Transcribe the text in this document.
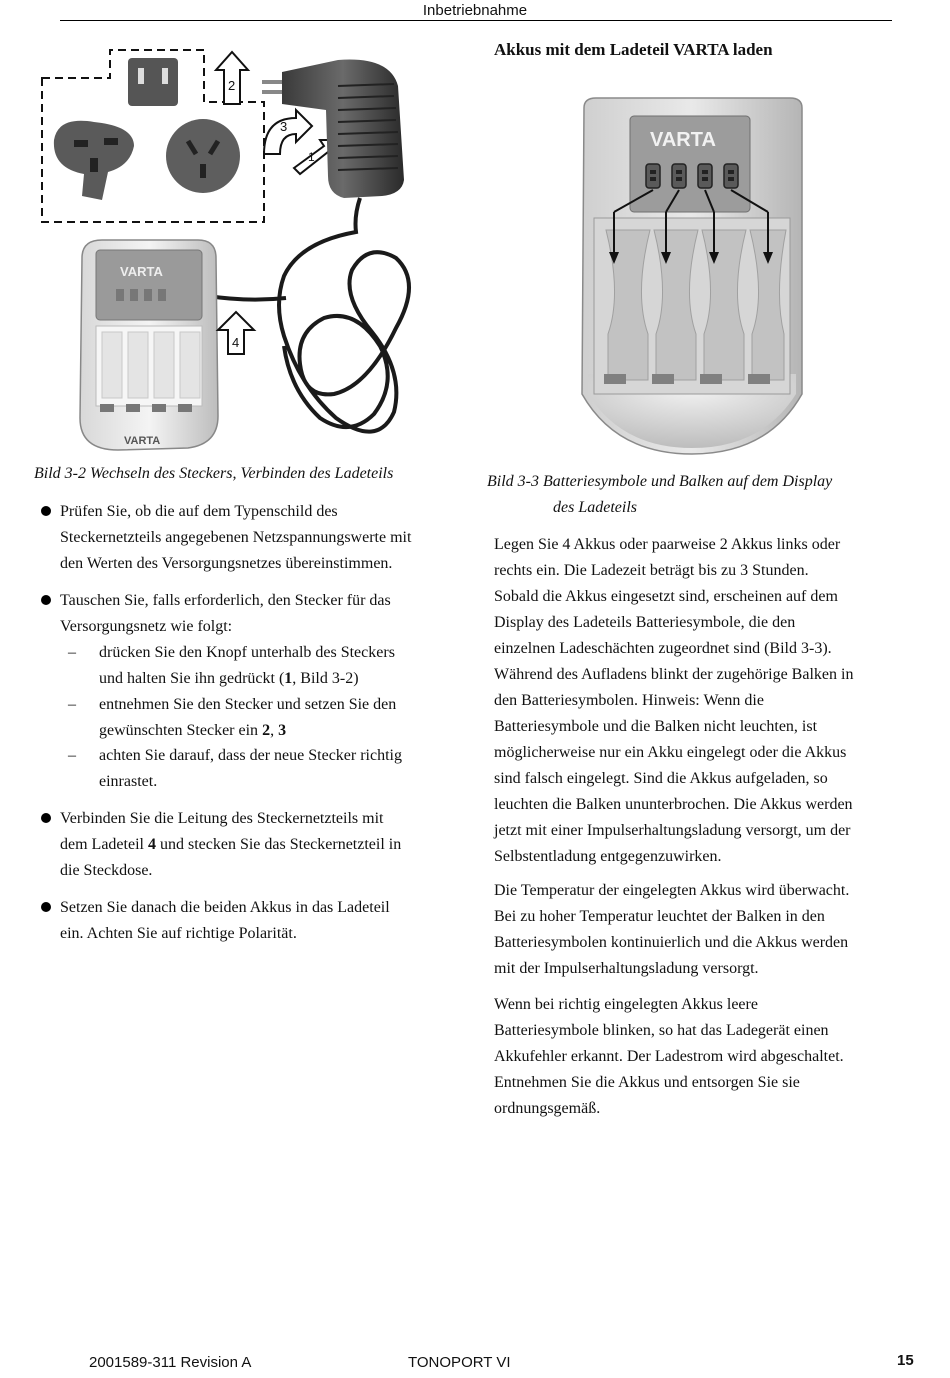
Inbetriebnahme
2
3
1
VARTA
VARTA
4
Akkus mit dem Ladeteil VARTA laden
VARTA
Bild 3-2 Wechseln des Steckers, Verbinden des Ladeteils
Prüfen Sie, ob die auf dem Typenschild des
Steckernetzteils angegebenen Netzspannungswerte mit
den Werten des Versorgungsnetzes übereinstimmen.
Tauschen Sie, falls erforderlich, den Stecker für das
Versorgungsnetz wie folgt:
– drücken Sie den Knopf unterhalb des Steckers
und halten Sie ihn gedrückt (1, Bild 3-2)
– entnehmen Sie den Stecker und setzen Sie den
gewünschten Stecker ein 2, 3
– achten Sie darauf, dass der neue Stecker richtig
einrastet.
Verbinden Sie die Leitung des Steckernetzteils mit
dem Ladeteil 4 und stecken Sie das Steckernetzteil in
die Steckdose.
Setzen Sie danach die beiden Akkus in das Ladeteil
ein. Achten Sie auf richtige Polarität.
Bild 3-3 Batteriesymbole und Balken auf dem Display
des Ladeteils
Legen Sie 4 Akkus oder paarweise 2 Akkus links oder
rechts ein. Die Ladezeit beträgt bis zu 3 Stunden.
Sobald die Akkus eingesetzt sind, erscheinen auf dem
Display des Ladeteils Batteriesymbole, die den
einzelnen Ladeschächten zugeordnet sind (Bild 3-3).
Während des Aufladens blinkt der zugehörige Balken in
den Batteriesymbolen. Hinweis: Wenn die
Batteriesymbole und die Balken nicht leuchten, ist
möglicherweise nur ein Akku eingelegt oder die Akkus
sind falsch eingelegt. Sind die Akkus aufgeladen, so
leuchten die Balken ununterbrochen. Die Akkus werden
jetzt mit einer Impulserhaltungsladung versorgt, um der
Selbstentladung entgegenzuwirken.
Die Temperatur der eingelegten Akkus wird überwacht.
Bei zu hoher Temperatur leuchtet der Balken in den
Batteriesymbolen kontinuierlich und die Akkus werden
mit der Impulserhaltungsladung versorgt.
Wenn bei richtig eingelegten Akkus leere
Batteriesymbole blinken, so hat das Ladegerät einen
Akkufehler erkannt. Der Ladestrom wird abgeschaltet.
Entnehmen Sie die Akkus und entsorgen Sie sie
ordnungsgemäß.
2001589-311 Revision A	TONOPORT VI	15
